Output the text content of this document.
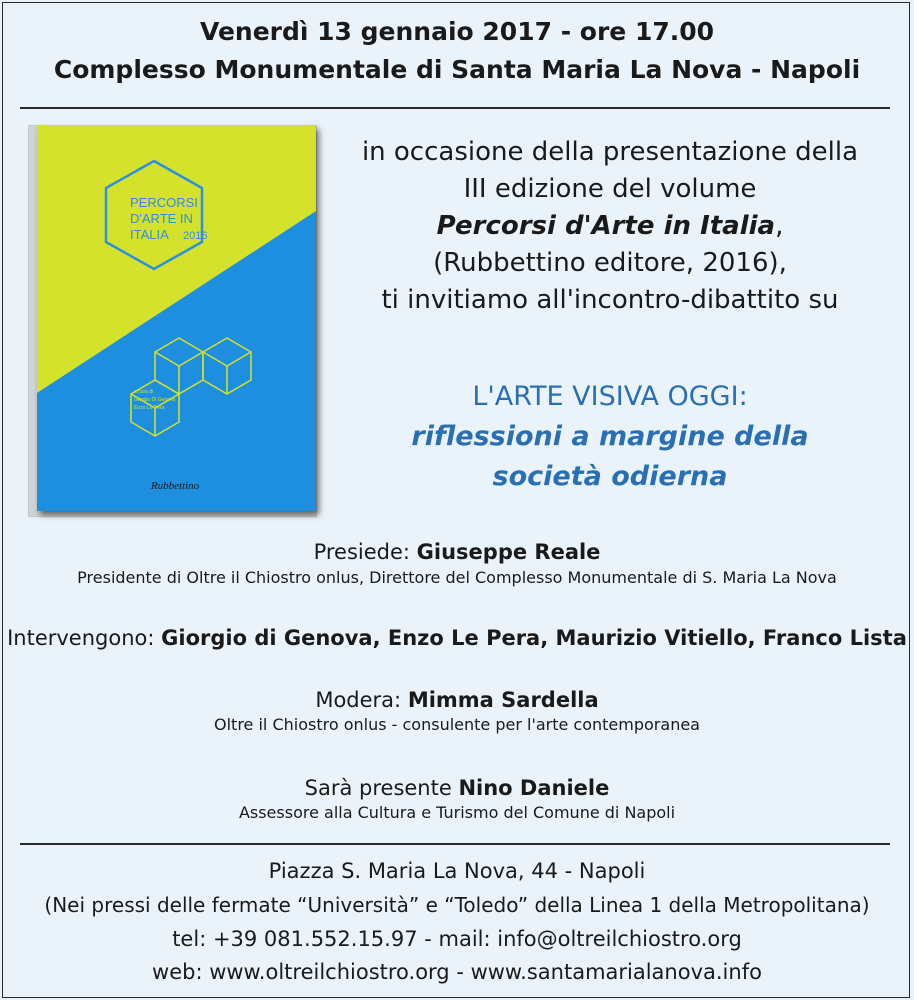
Venerdì 13 gennaio 2017 - ore 17.00
Complesso Monumentale di Santa Maria La Nova - Napoli
PERCORSI
D'ARTE IN
ITALIA 2016
a cura di
Giorgio Di Genova
Enzo Le Pera
Rubbettino
in occasione della presentazione della
III edizione del volume
Percorsi d'Arte in Italia,
(Rubbettino editore, 2016),
ti invitiamo all'incontro-dibattito su
L'ARTE VISIVA OGGI:
riflessioni a margine della
società odierna
Presiede: Giuseppe Reale
Presidente di Oltre il Chiostro onlus, Direttore del Complesso Monumentale di S. Maria La Nova
Intervengono: Giorgio di Genova, Enzo Le Pera, Maurizio Vitiello, Franco Lista
Modera: Mimma Sardella
Oltre il Chiostro onlus - consulente per l'arte contemporanea
Sarà presente Nino Daniele
Assessore alla Cultura e Turismo del Comune di Napoli
Piazza S. Maria La Nova, 44 - Napoli
(Nei pressi delle fermate “Università” e “Toledo” della Linea 1 della Metropolitana)
tel: +39 081.552.15.97 - mail: info@oltreilchiostro.org
web: www.oltreilchiostro.org - www.santamarialanova.info
